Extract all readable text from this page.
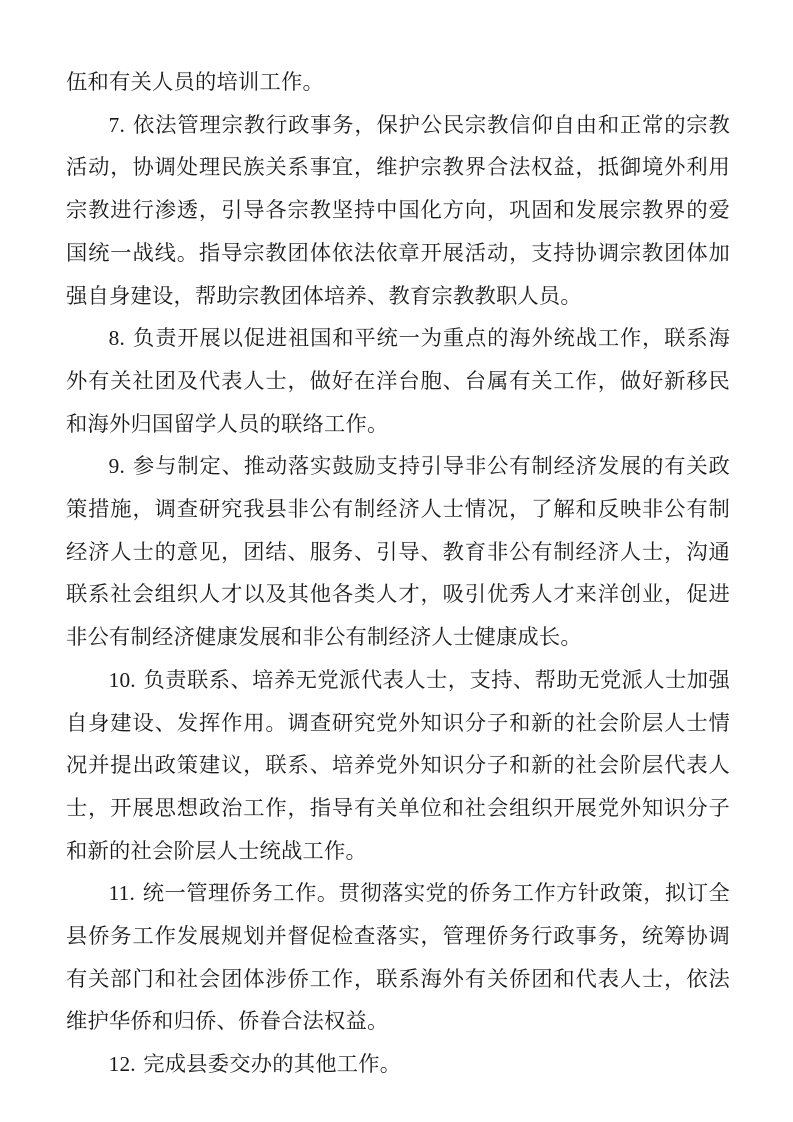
伍和有关人员的培训工作。

7. 依法管理宗教行政事务，保护公民宗教信仰自由和正常的宗教活动，协调处理民族关系事宜，维护宗教界合法权益，抵御境外利用宗教进行渗透，引导各宗教坚持中国化方向，巩固和发展宗教界的爱国统一战线。指导宗教团体依法依章开展活动，支持协调宗教团体加强自身建设，帮助宗教团体培养、教育宗教教职人员。

8. 负责开展以促进祖国和平统一为重点的海外统战工作，联系海外有关社团及代表人士，做好在洋台胞、台属有关工作，做好新移民和海外归国留学人员的联络工作。

9. 参与制定、推动落实鼓励支持引导非公有制经济发展的有关政策措施，调查研究我县非公有制经济人士情况，了解和反映非公有制经济人士的意见，团结、服务、引导、教育非公有制经济人士，沟通联系社会组织人才以及其他各类人才，吸引优秀人才来洋创业，促进非公有制经济健康发展和非公有制经济人士健康成长。

10. 负责联系、培养无党派代表人士，支持、帮助无党派人士加强自身建设、发挥作用。调查研究党外知识分子和新的社会阶层人士情况并提出政策建议，联系、培养党外知识分子和新的社会阶层代表人士，开展思想政治工作，指导有关单位和社会组织开展党外知识分子和新的社会阶层人士统战工作。

11. 统一管理侨务工作。贯彻落实党的侨务工作方针政策，拟订全县侨务工作发展规划并督促检查落实，管理侨务行政事务，统筹协调有关部门和社会团体涉侨工作，联系海外有关侨团和代表人士，依法维护华侨和归侨、侨眷合法权益。

12. 完成县委交办的其他工作。
